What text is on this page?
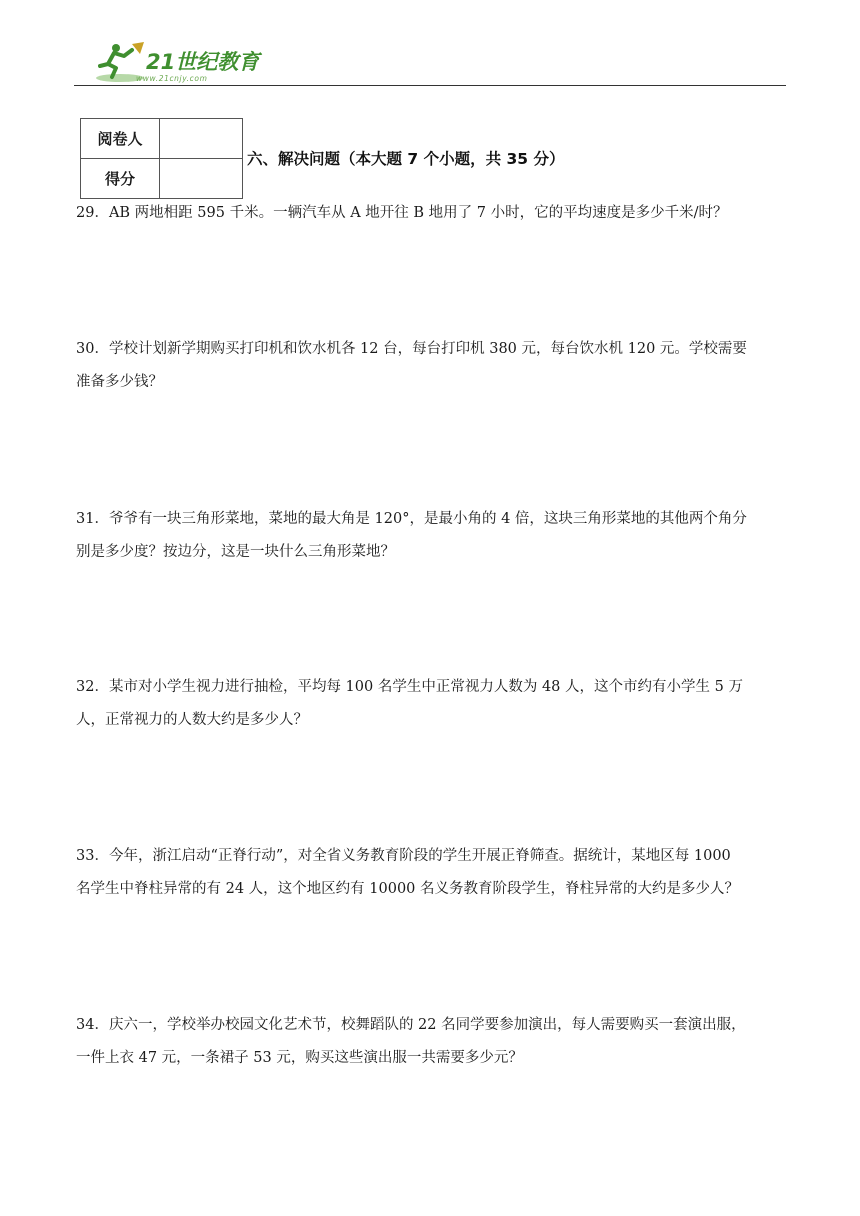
21世纪教育
www.21cnjy.com
阅卷人	
得分	
六、解决问题（本大题 7 个小题，共 35 分）
29．AB 两地相距 595 千米。一辆汽车从 A 地开往 B 地用了 7 小时，它的平均速度是多少千米/时？
30．学校计划新学期购买打印机和饮水机各 12 台，每台打印机 380 元，每台饮水机 120 元。学校需要
准备多少钱？
31．爷爷有一块三角形菜地，菜地的最大角是 120°，是最小角的 4 倍，这块三角形菜地的其他两个角分
别是多少度？按边分，这是一块什么三角形菜地？
32．某市对小学生视力进行抽检，平均每 100 名学生中正常视力人数为 48 人，这个市约有小学生 5 万
人，正常视力的人数大约是多少人？
33．今年，浙江启动“正脊行动”，对全省义务教育阶段的学生开展正脊筛查。据统计，某地区每 1000
名学生中脊柱异常的有 24 人，这个地区约有 10000 名义务教育阶段学生，脊柱异常的大约是多少人？
34．庆六一，学校举办校园文化艺术节，校舞蹈队的 22 名同学要参加演出，每人需要购买一套演出服，
一件上衣 47 元，一条裙子 53 元，购买这些演出服一共需要多少元？
